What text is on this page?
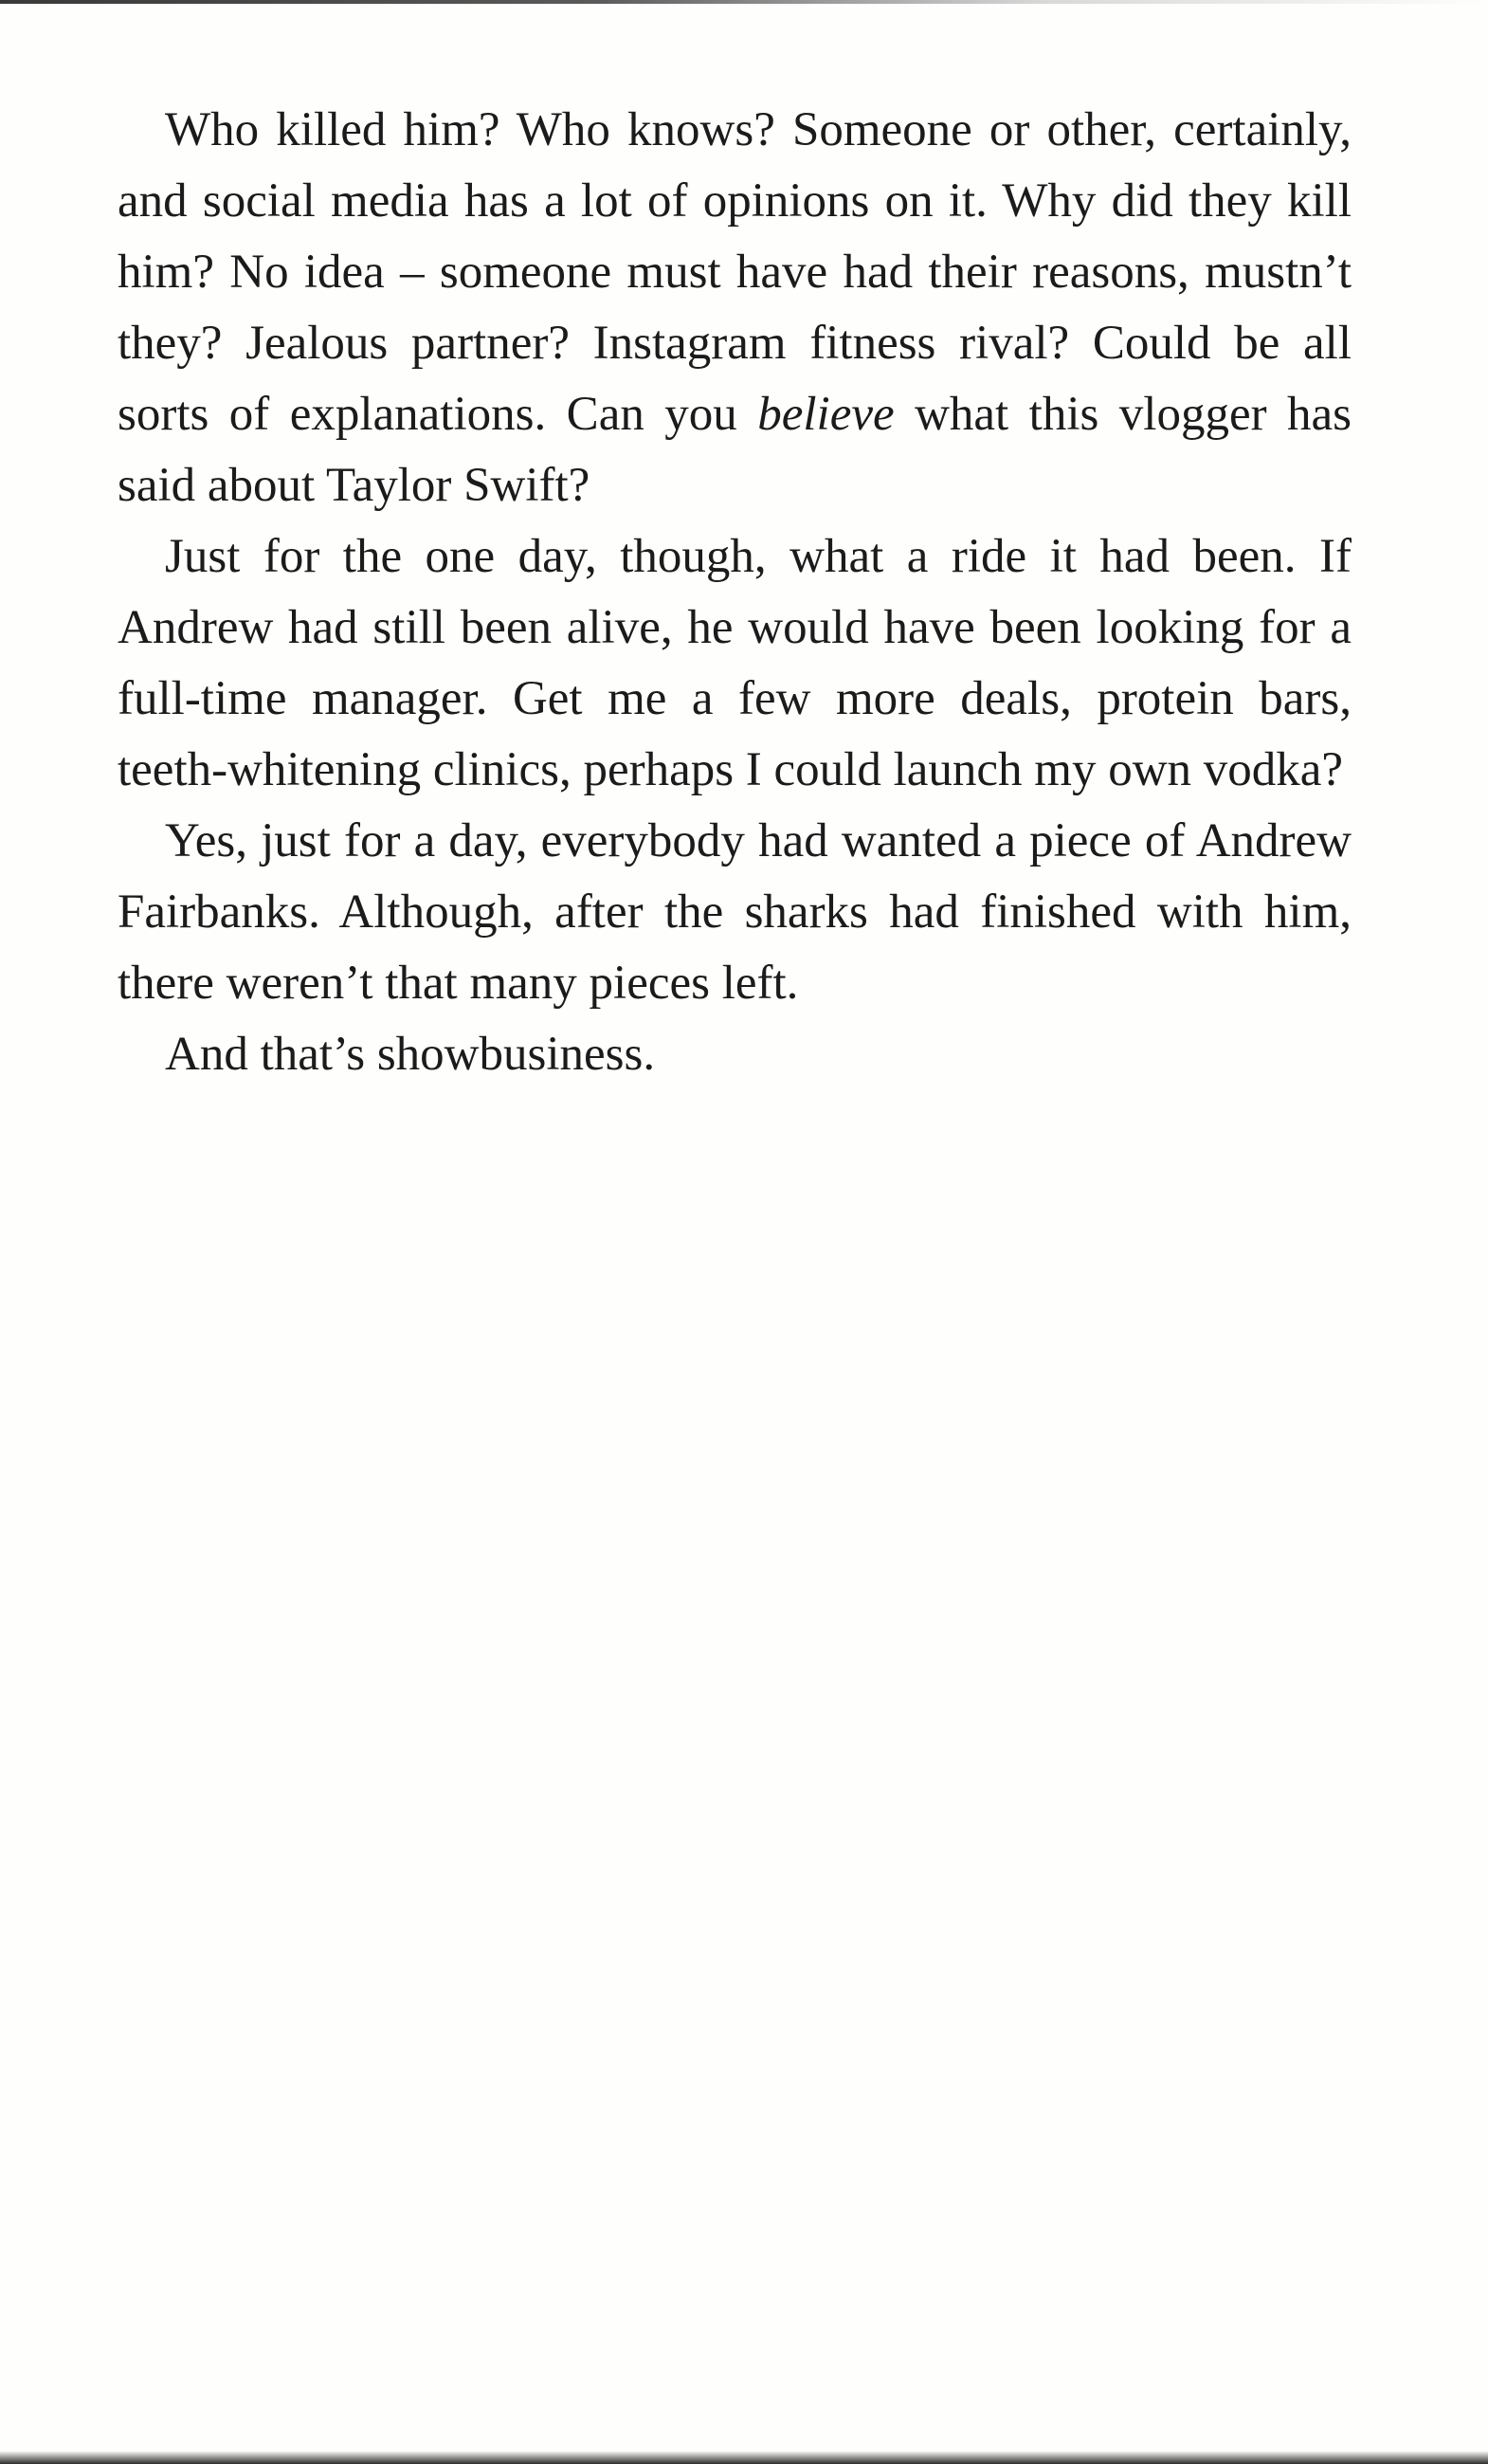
Who killed him? Who knows? Someone or other, certainly, and social media has a lot of opinions on it. Why did they kill him? No idea – someone must have had their reasons, mustn’t they? Jealous partner? Instagram fitness rival? Could be all sorts of explanations. Can you believe what this vlogger has said about Taylor Swift?

Just for the one day, though, what a ride it had been. If Andrew had still been alive, he would have been looking for a full-time manager. Get me a few more deals, protein bars, teeth-whitening clinics, perhaps I could launch my own vodka?

Yes, just for a day, everybody had wanted a piece of Andrew Fairbanks. Although, after the sharks had finished with him, there weren’t that many pieces left.

And that’s showbusiness.
